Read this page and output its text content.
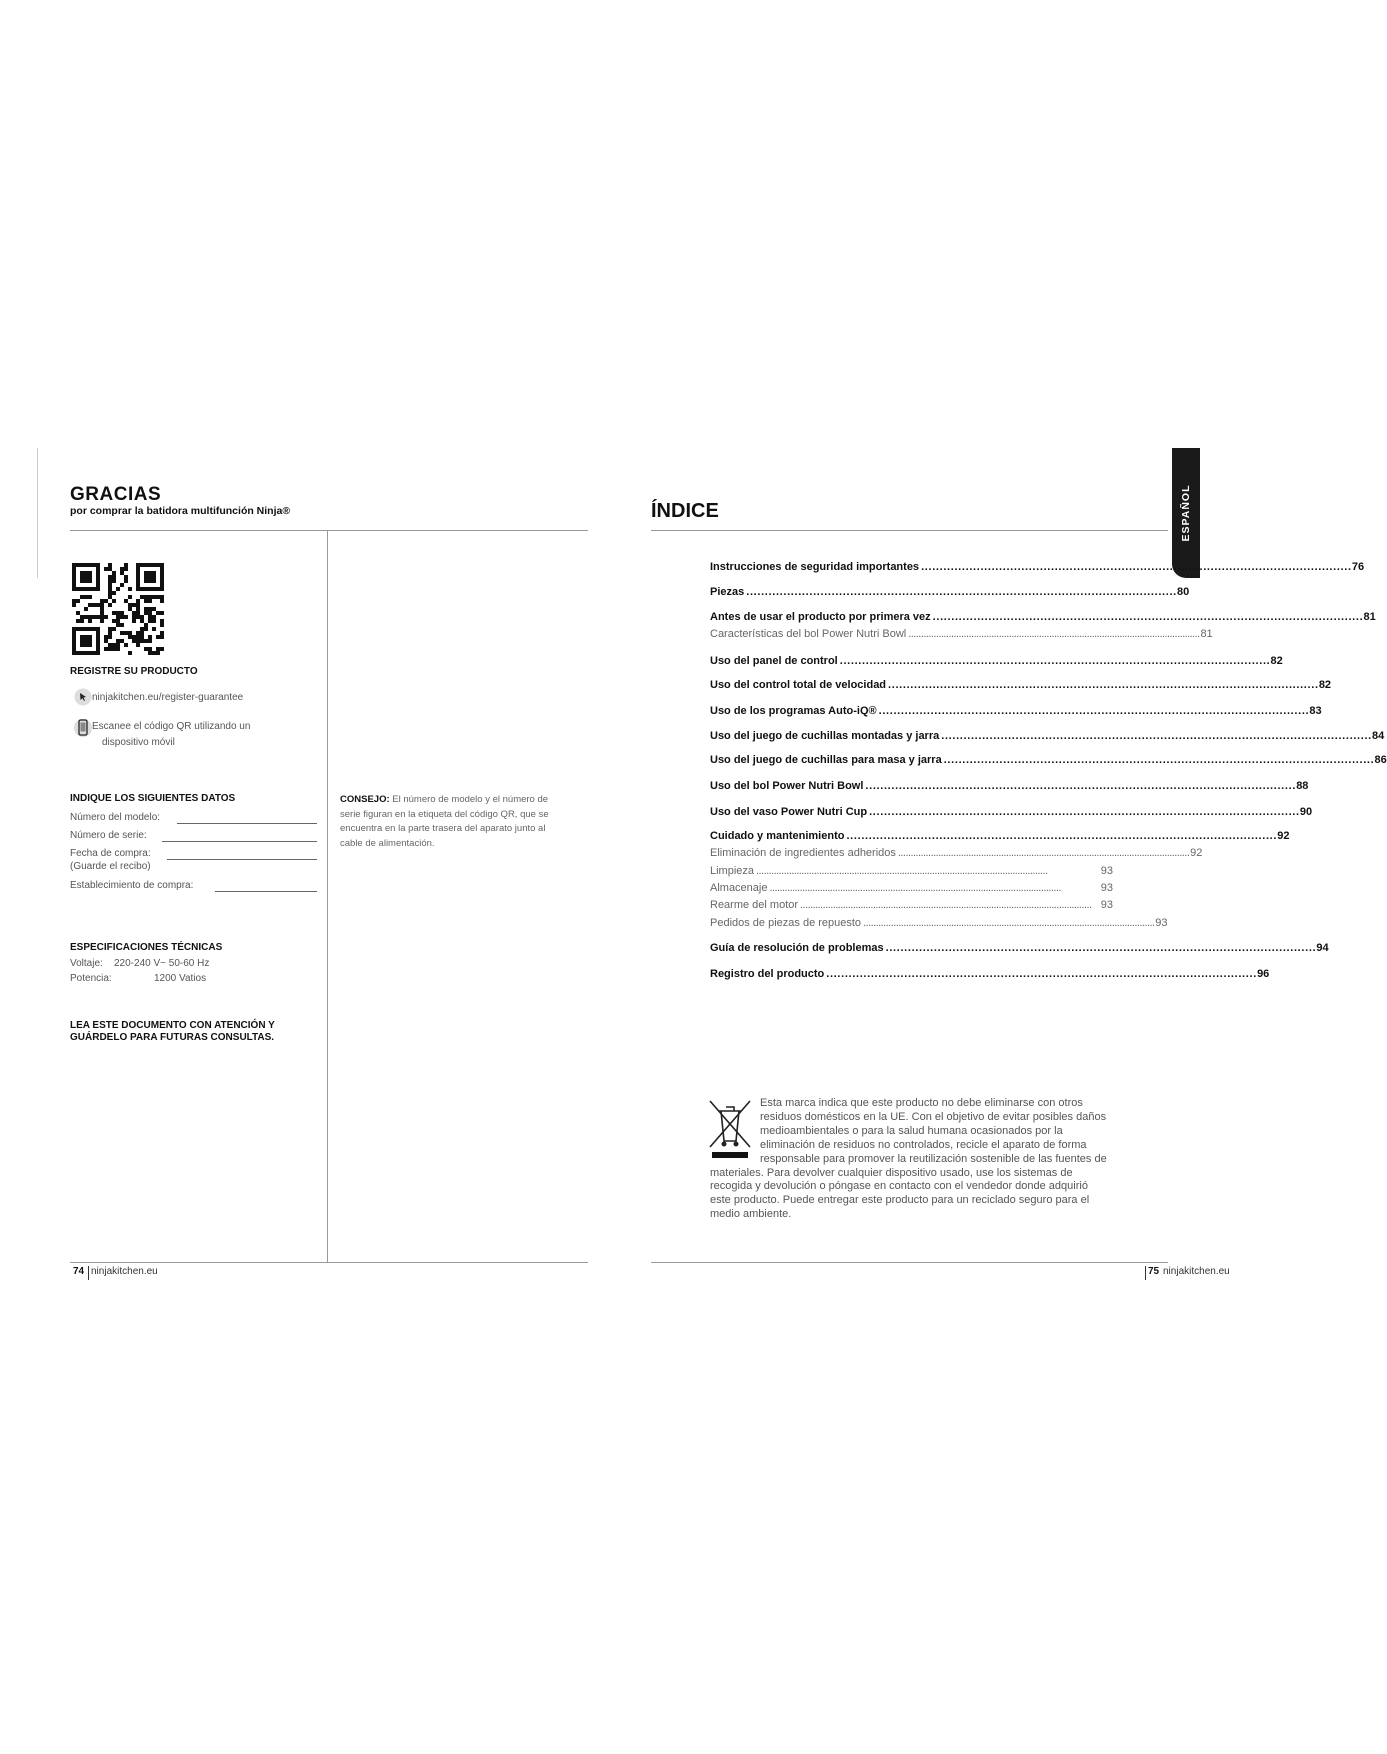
GRACIAS
por comprar la batidora multifunción Ninja®
REGISTRE SU PRODUCTO
ninjakitchen.eu/register-guarantee
Escanee el código QR utilizando un
dispositivo móvil
INDIQUE LOS SIGUIENTES DATOS
Número del modelo:
Número de serie:
Fecha de compra:
(Guarde el recibo)
Establecimiento de compra:
CONSEJO: El número de modelo y el número de serie figuran en la etiqueta del código QR, que se encuentra en la parte trasera del aparato junto al cable de alimentación.
ESPECIFICACIONES TÉCNICAS
Voltaje: 220-240 V~ 50-60 Hz
Potencia:	1200 Vatios
LEA ESTE DOCUMENTO CON ATENCIÓN Y
GUÁRDELO PARA FUTURAS CONSULTAS.
74 ninjakitchen.eu
ÍNDICE	ESPAÑOL
Instrucciones de seguridad importantes . . .	76
Piezas . . .	80
Antes de usar el producto por primera vez . . .	81
Características del bol Power Nutri Bowl . . .	81
Uso del panel de control . . .	82
Uso del control total de velocidad . . .	82
Uso de los programas Auto-iQ® . . .	83
Uso del juego de cuchillas montadas y jarra . . .	84
Uso del juego de cuchillas para masa y jarra . . .	86
Uso del bol Power Nutri Bowl . . .	88
Uso del vaso Power Nutri Cup . . .	90
Cuidado y mantenimiento . . .	92
Eliminación de ingredientes adheridos . . .	92
Limpieza . . .	93
Almacenaje . . .	93
Rearme del motor . . .	93
Pedidos de piezas de repuesto . . .	93
Guía de resolución de problemas . . .	94
Registro del producto . . .	96
Esta marca indica que este producto no debe eliminarse con otros residuos domésticos en la UE. Con el objetivo de evitar posibles daños medioambientales o para la salud humana ocasionados por la eliminación de residuos no controlados, recicle el aparato de forma responsable para promover la reutilización sostenible de las fuentes de materiales. Para devolver cualquier dispositivo usado, use los sistemas de recogida y devolución o póngase en contacto con el vendedor donde adquirió este producto. Puede entregar este producto para un reciclado seguro para el medio ambiente.
75 ninjakitchen.eu
